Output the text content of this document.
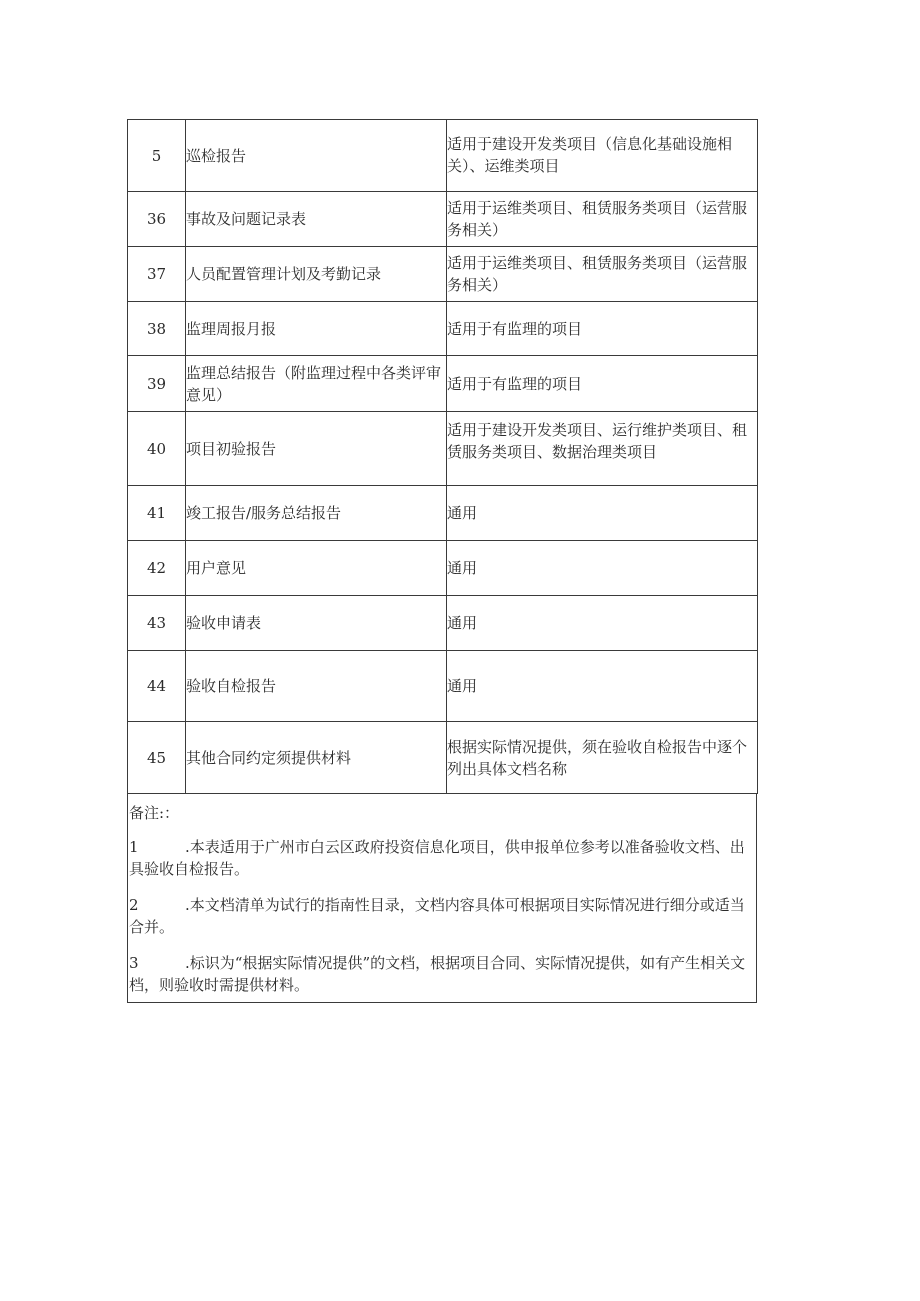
5	巡检报告	适用于建设开发类项目（信息化基础设施相关）、运维类项目

36	事故及问题记录表	适用于运维类项目、租赁服务类项目（运营服务相关）
37	人员配置管理计划及考勤记录	适用于运维类项目、租赁服务类项目（运营服务相关）
38	监理周报月报	适用于有监理的项目
39	监理总结报告（附监理过程中各类评审意见）	适用于有监理的项目
40	项目初验报告	适用于建设开发类项目、运行维护类项目、租赁服务类项目、数据治理类项目

41	竣工报告/服务总结报告	通用
42	用户意见	通用
43	验收申请表	通用
44	验收自检报告	通用
45	其他合同约定须提供材料	根据实际情况提供，须在验收自检报告中逐个列出具体文档名称
备注:：
1	.本表适用于广州市白云区政府投资信息化项目，供申报单位参考以准备验收文档、出具验收自检报告。
2	.本文档清单为试行的指南性目录，文档内容具体可根据项目实际情况进行细分或适当合并。
3	.标识为“根据实际情况提供”的文档，根据项目合同、实际情况提供，如有产生相关文档，则验收时需提供材料。
